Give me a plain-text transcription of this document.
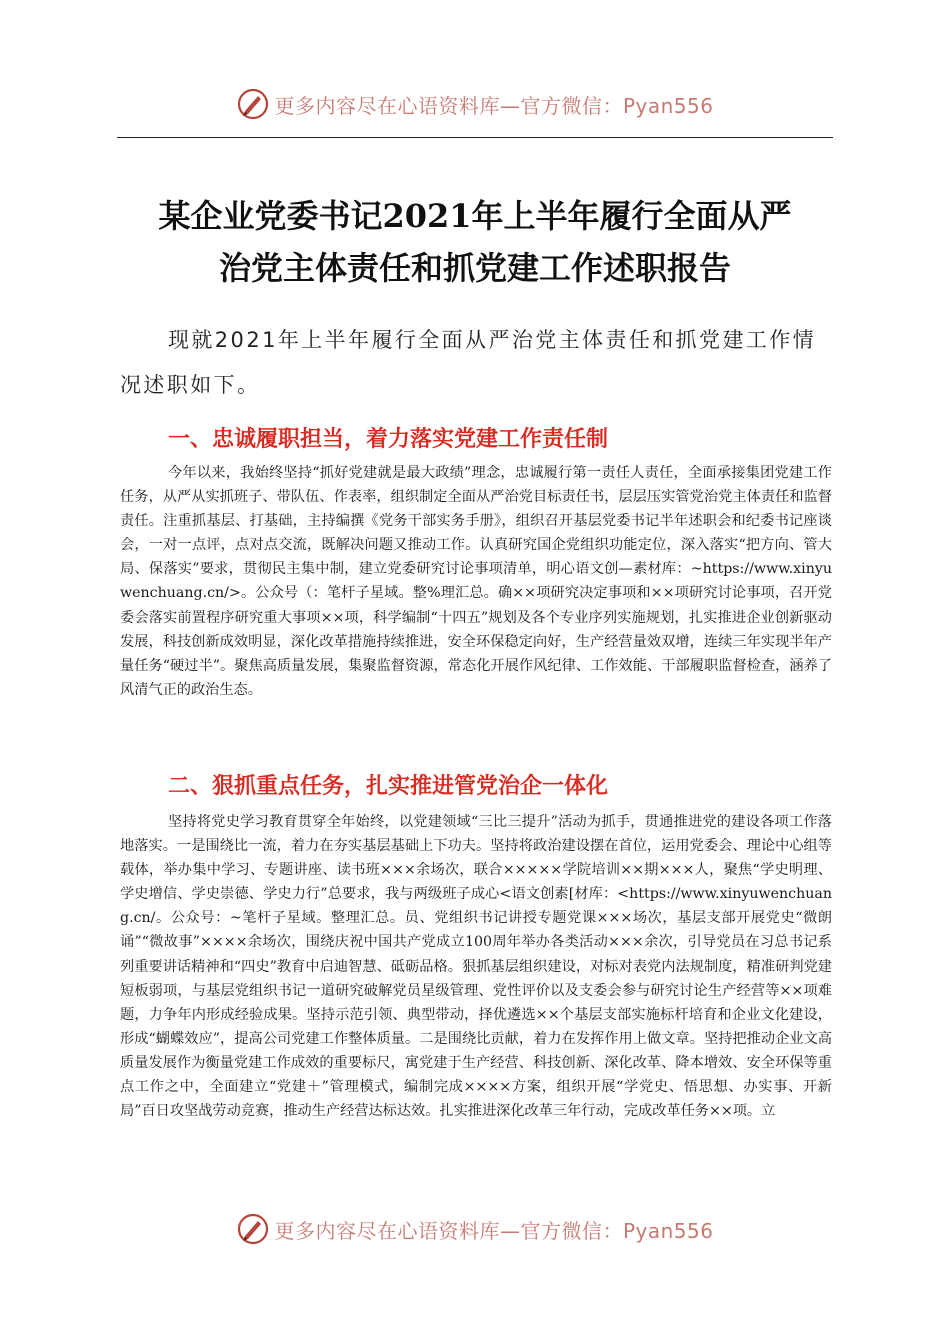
更多内容尽在心语资料库—官方微信：Pyan556
某企业党委书记2021年上半年履行全面从严
治党主体责任和抓党建工作述职报告

现就2021年上半年履行全面从严治党主体责任和抓党建工作情况述职如下。

一、忠诚履职担当，着力落实党建工作责任制

今年以来，我始终坚持“抓好党建就是最大政绩”理念，忠诚履行第一责任人责任，全面承接集团党建工作任务，从严从实抓班子、带队伍、作表率，组织制定全面从严治党目标责任书，层层压实管党治党主体责任和监督责任。注重抓基层、打基础，主持编撰《党务干部实务手册》，组织召开基层党委书记半年述职会和纪委书记座谈会，一对一点评，点对点交流，既解决问题又推动工作。认真研究国企党组织功能定位，深入落实“把方向、管大局、保落实”要求，贯彻民主集中制，建立党委研究讨论事项清单，明心语文创—素材库：~https://www.xinyuwenchuang.cn/>。公众号（：笔杆子星域。整%理汇总。确××项研究决定事项和××项研究讨论事项，召开党委会落实前置程序研究重大事项××项，科学编制“十四五”规划及各个专业序列实施规划，扎实推进企业创新驱动发展，科技创新成效明显，深化改革措施持续推进，安全环保稳定向好，生产经营量效双增，连续三年实现半年产量任务“硬过半”。聚焦高质量发展，集聚监督资源，常态化开展作风纪律、工作效能、干部履职监督检查，涵养了风清气正的政治生态。

二、狠抓重点任务，扎实推进管党治企一体化

坚持将党史学习教育贯穿全年始终，以党建领域“三比三提升”活动为抓手，贯通推进党的建设各项工作落地落实。一是围绕比一流，着力在夯实基层基础上下功夫。坚持将政治建设摆在首位，运用党委会、理论中心组等载体，举办集中学习、专题讲座、读书班×××余场次，联合×××××学院培训××期×××人，聚焦“学史明理、学史增信、学史崇德、学史力行”总要求，我与两级班子成心<语文创素[材库：<https://www.xinyuwenchuang.cn/。公众号：~笔杆子星域。整理汇总。员、党组织书记讲授专题党课×××场次，基层支部开展党史“微朗诵”“微故事”××××余场次，围绕庆祝中国共产党成立100周年举办各类活动×××余次，引导党员在习总书记系列重要讲话精神和“四史”教育中启迪智慧、砥砺品格。狠抓基层组织建设，对标对表党内法规制度，精准研判党建短板弱项，与基层党组织书记一道研究破解党员星级管理、党性评价以及支委会参与研究讨论生产经营等××项难题，力争年内形成经验成果。坚持示范引领、典型带动，择优遴选××个基层支部实施标杆培育和企业文化建设，形成“蝴蝶效应”，提高公司党建工作整体质量。二是围绕比贡献，着力在发挥作用上做文章。坚持把推动企业文高质量发展作为衡量党建工作成效的重要标尺，寓党建于生产经营、科技创新、深化改革、降本增效、安全环保等重点工作之中，全面建立“党建＋”管理模式，编制完成××××方案，组织开展“学党史、悟思想、办实事、开新局”百日攻坚战劳动竞赛，推动生产经营达标达效。扎实推进深化改革三年行动，完成改革任务××项。立

更多内容尽在心语资料库—官方微信：Pyan556
